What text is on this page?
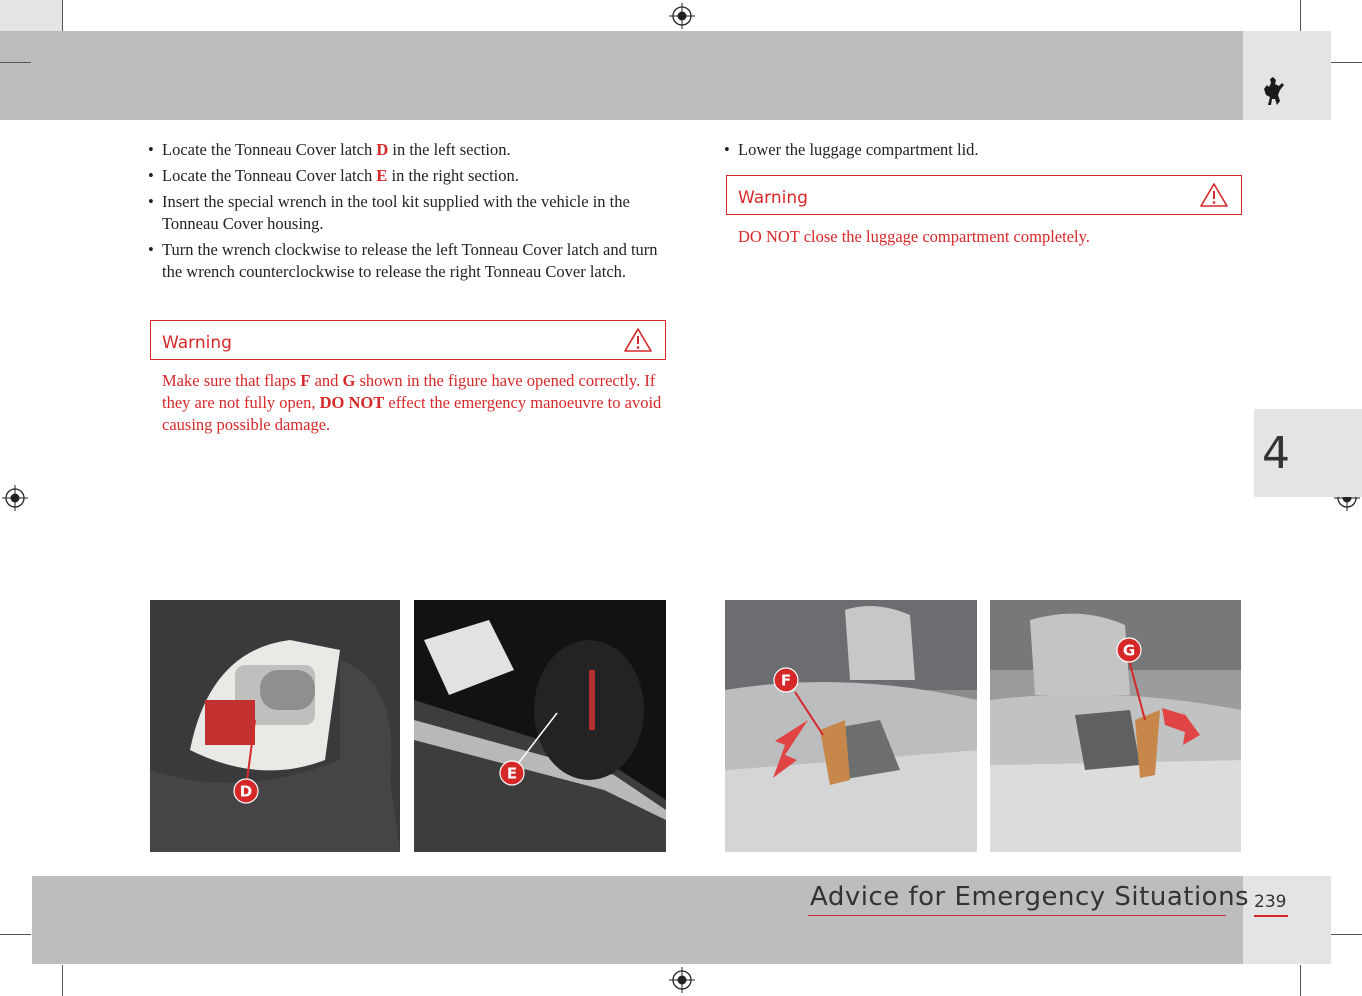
4
• Locate the Tonneau Cover latch D in the left section.
• Locate the Tonneau Cover latch E in the right section.
• Insert the special wrench in the tool kit supplied with the vehicle in the Tonneau Cover housing.
• Turn the wrench clockwise to release the left Tonneau Cover latch and turn the wrench counterclockwise to release the right Tonneau Cover latch.
Warning
Make sure that flaps F and G shown in the figure have opened correctly. If they are not fully open, DO NOT effect the emergency manoeuvre to avoid causing possible damage.
• Lower the luggage compartment lid.
Warning
DO NOT close the luggage compartment completely.
D
E
F
G
Advice for Emergency Situations 239
